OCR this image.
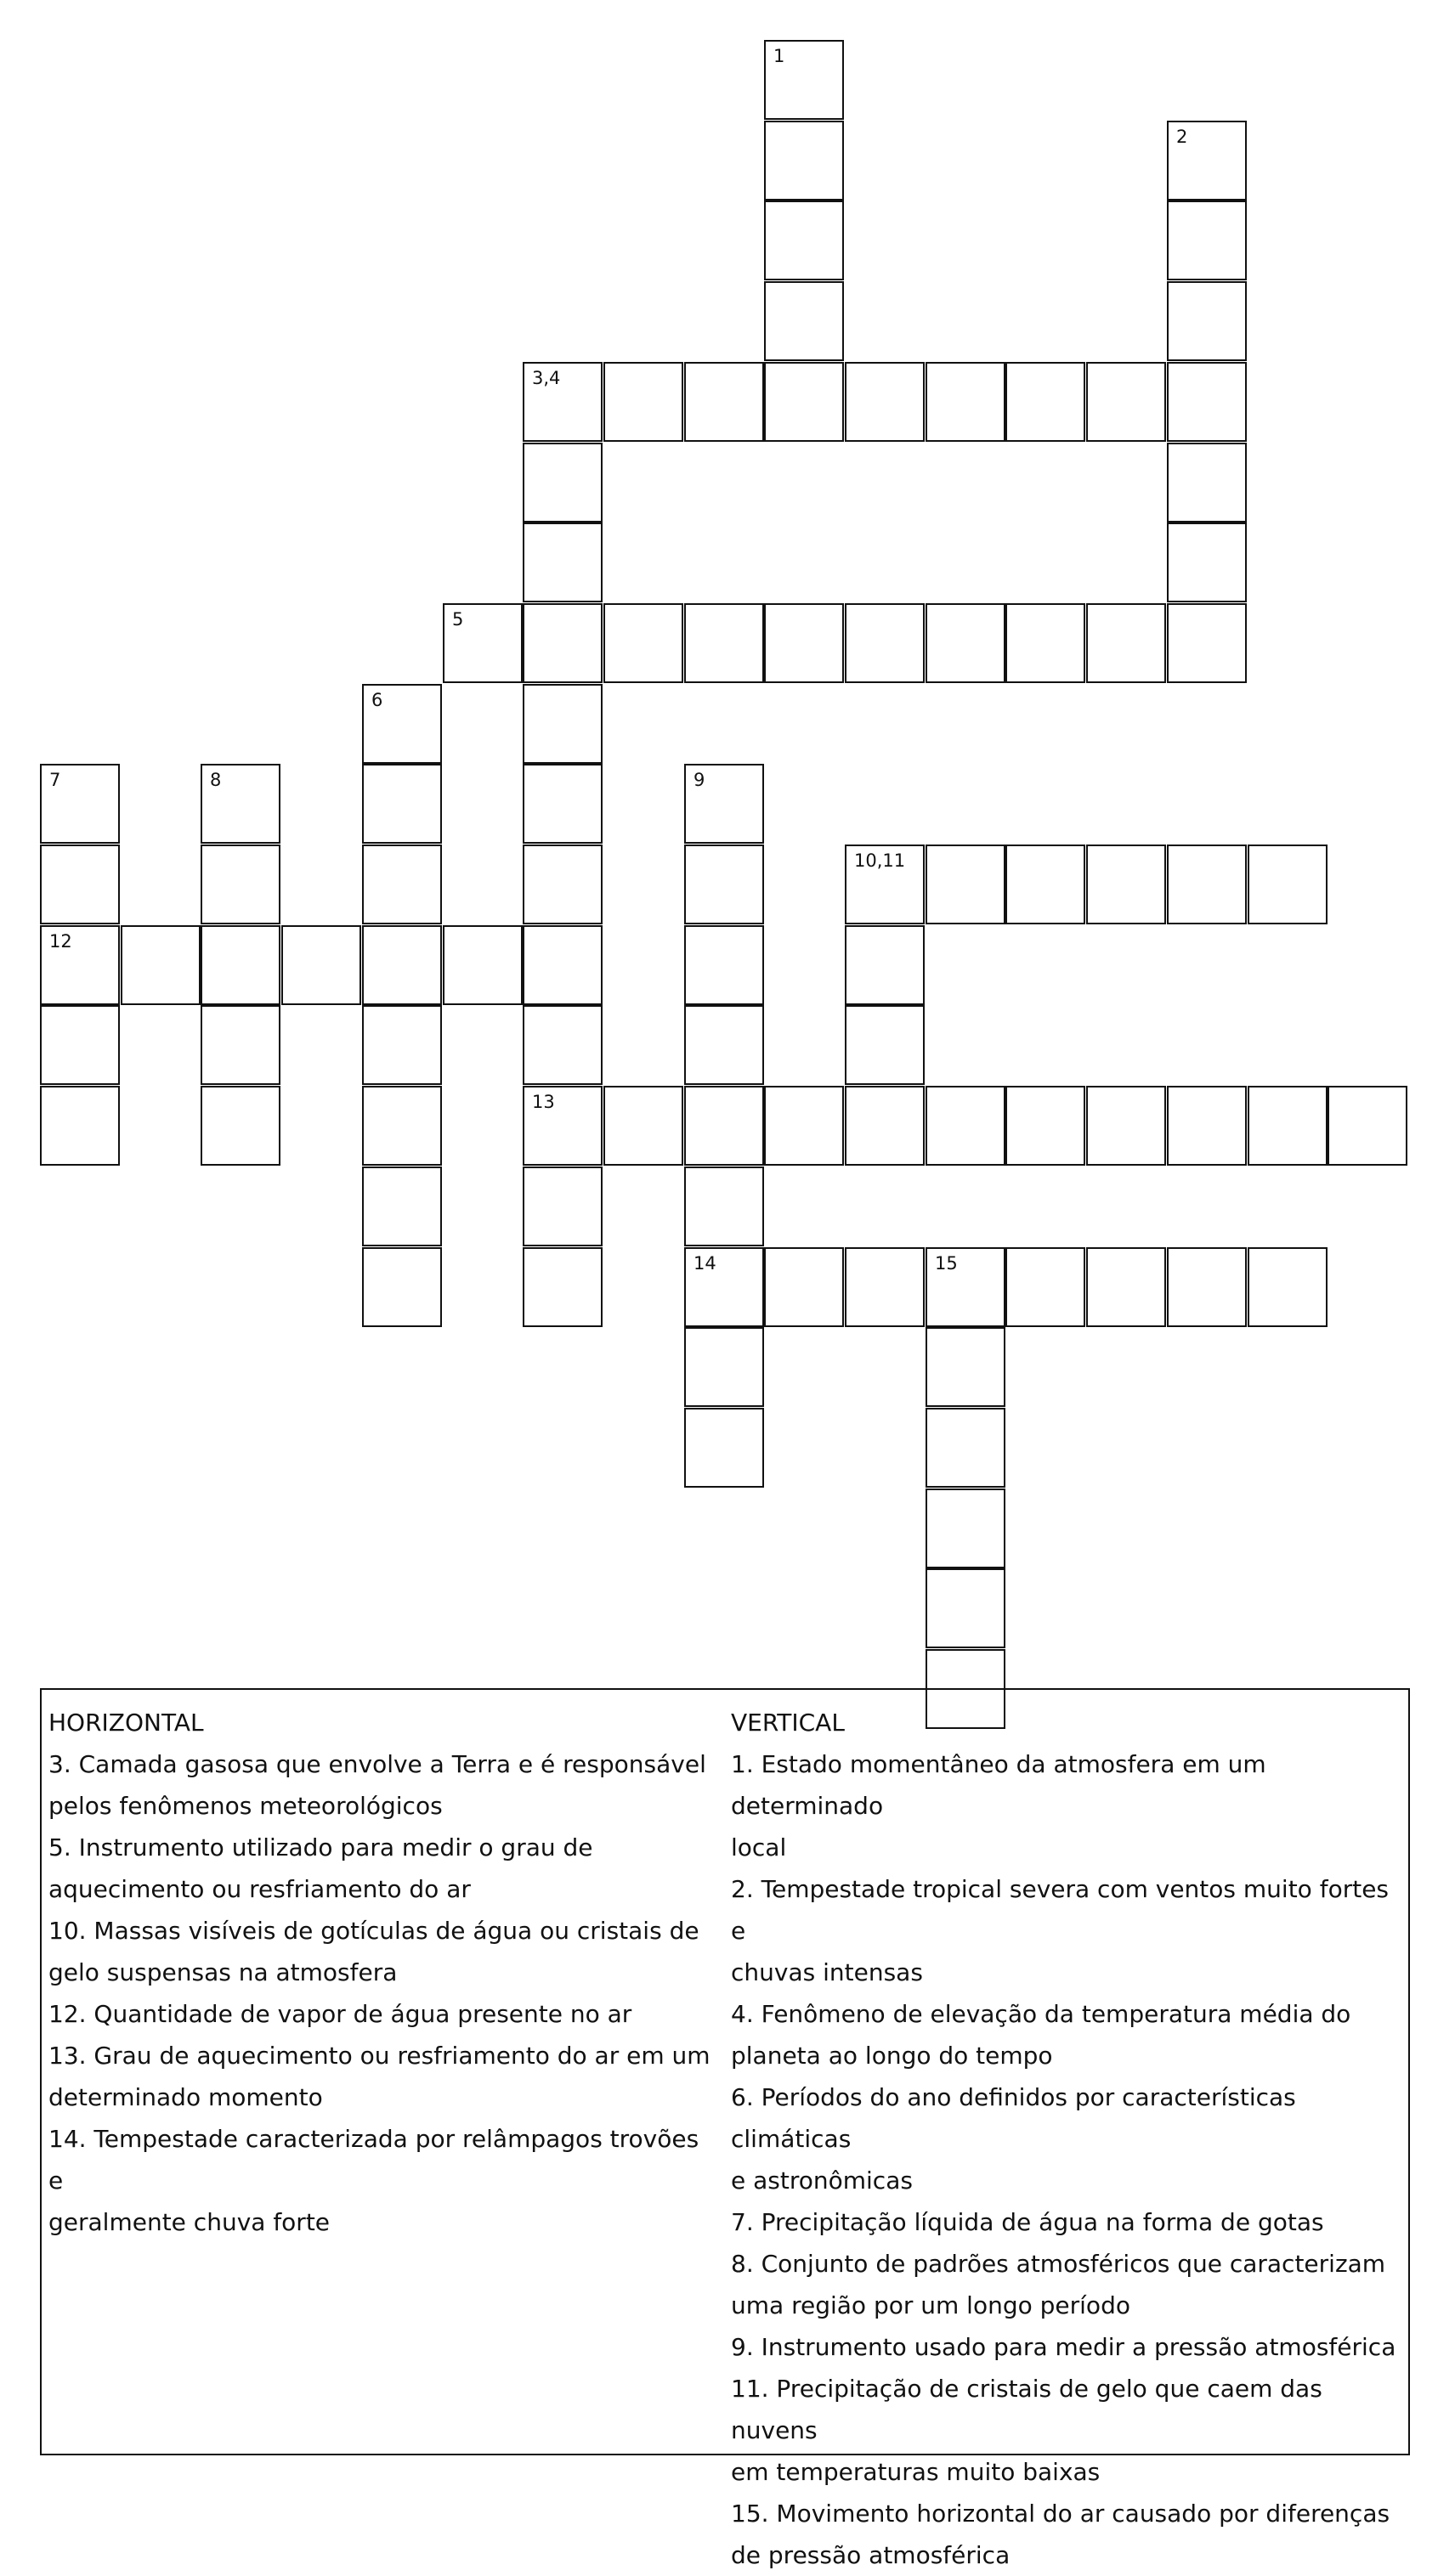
1
2
3,4
13
5
6
7
12
8	9
14
10,11
15
HORIZONTAL
3. Camada gasosa que envolve a Terra e é responsável
pelos fenômenos meteorológicos
5. Instrumento utilizado para medir o grau de
aquecimento ou resfriamento do ar
10. Massas visíveis de gotículas de água ou cristais de
gelo suspensas na atmosfera
12. Quantidade de vapor de água presente no ar
13. Grau de aquecimento ou resfriamento do ar em um
determinado momento
14. Tempestade caracterizada por relâmpagos trovões e
geralmente chuva forte
VERTICAL
1. Estado momentâneo da atmosfera em um determinado
local
2. Tempestade tropical severa com ventos muito fortes e
chuvas intensas
4. Fenômeno de elevação da temperatura média do
planeta ao longo do tempo
6. Períodos do ano definidos por características climáticas
e astronômicas
7. Precipitação líquida de água na forma de gotas
8. Conjunto de padrões atmosféricos que caracterizam
uma região por um longo período
9. Instrumento usado para medir a pressão atmosférica
11. Precipitação de cristais de gelo que caem das nuvens
em temperaturas muito baixas
15. Movimento horizontal do ar causado por diferenças
de pressão atmosférica
